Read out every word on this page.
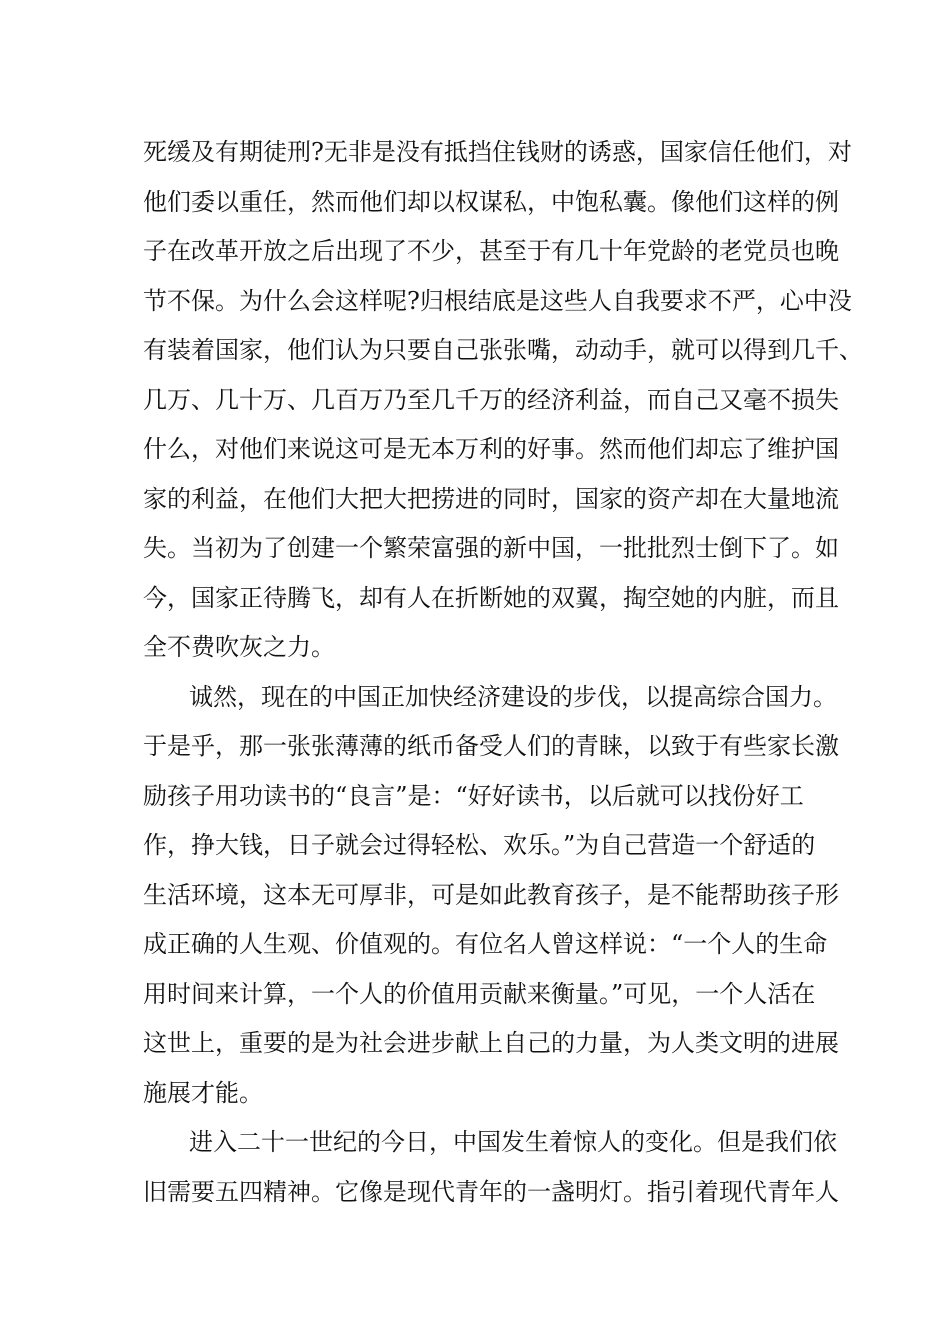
死缓及有期徒刑?无非是没有抵挡住钱财的诱惑，国家信任他们，对
他们委以重任，然而他们却以权谋私，中饱私囊。像他们这样的例
子在改革开放之后出现了不少，甚至于有几十年党龄的老党员也晚
节不保。为什么会这样呢?归根结底是这些人自我要求不严，心中没
有装着国家，他们认为只要自己张张嘴，动动手，就可以得到几千、
几万、几十万、几百万乃至几千万的经济利益，而自己又毫不损失
什么，对他们来说这可是无本万利的好事。然而他们却忘了维护国
家的利益，在他们大把大把捞进的同时，国家的资产却在大量地流
失。当初为了创建一个繁荣富强的新中国，一批批烈士倒下了。如
今，国家正待腾飞，却有人在折断她的双翼，掏空她的内脏，而且
全不费吹灰之力。
诚然，现在的中国正加快经济建设的步伐，以提高综合国力。
于是乎，那一张张薄薄的纸币备受人们的青睐，以致于有些家长激
励孩子用功读书的“良言”是：“好好读书，以后就可以找份好工
作，挣大钱，日子就会过得轻松、欢乐。”为自己营造一个舒适的
生活环境，这本无可厚非，可是如此教育孩子，是不能帮助孩子形
成正确的人生观、价值观的。有位名人曾这样说：“一个人的生命
用时间来计算，一个人的价值用贡献来衡量。”可见，一个人活在
这世上，重要的是为社会进步献上自己的力量，为人类文明的进展
施展才能。
进入二十一世纪的今日，中国发生着惊人的变化。但是我们依
旧需要五四精神。它像是现代青年的一盏明灯。指引着现代青年人
